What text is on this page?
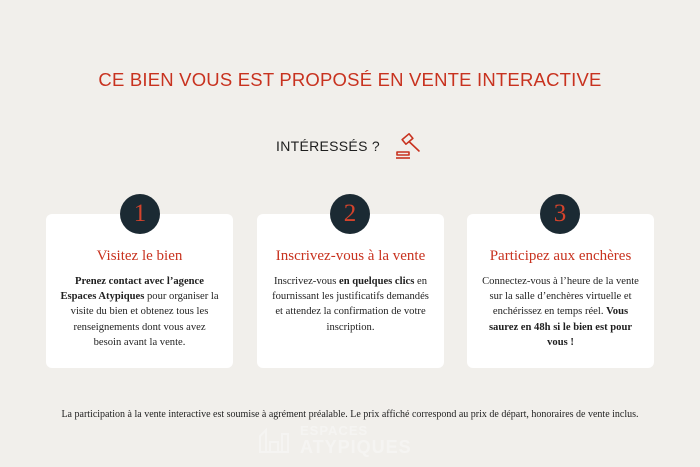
CE BIEN VOUS EST PROPOSÉ EN VENTE INTERACTIVE
INTÉRESSÉS ?
Visitez le bien
Prenez contact avec l’agence Espaces Atypiques pour organiser la visite du bien et obtenez tous les renseignements dont vous avez besoin avant la vente.
1
Inscrivez-vous à la vente
Inscrivez-vous en quelques clics en fournissant les justificatifs demandés et attendez la confirmation de votre inscription.
2
Participez aux enchères
Connectez-vous à l’heure de la vente sur la salle d’enchères virtuelle et enchérissez en temps réel. Vous saurez en 48h si le bien est pour vous !
3
La participation à la vente interactive est soumise à agrément préalable. Le prix affiché correspond au prix de départ, honoraires de vente inclus.
ESPACES
ATYPIQUES
